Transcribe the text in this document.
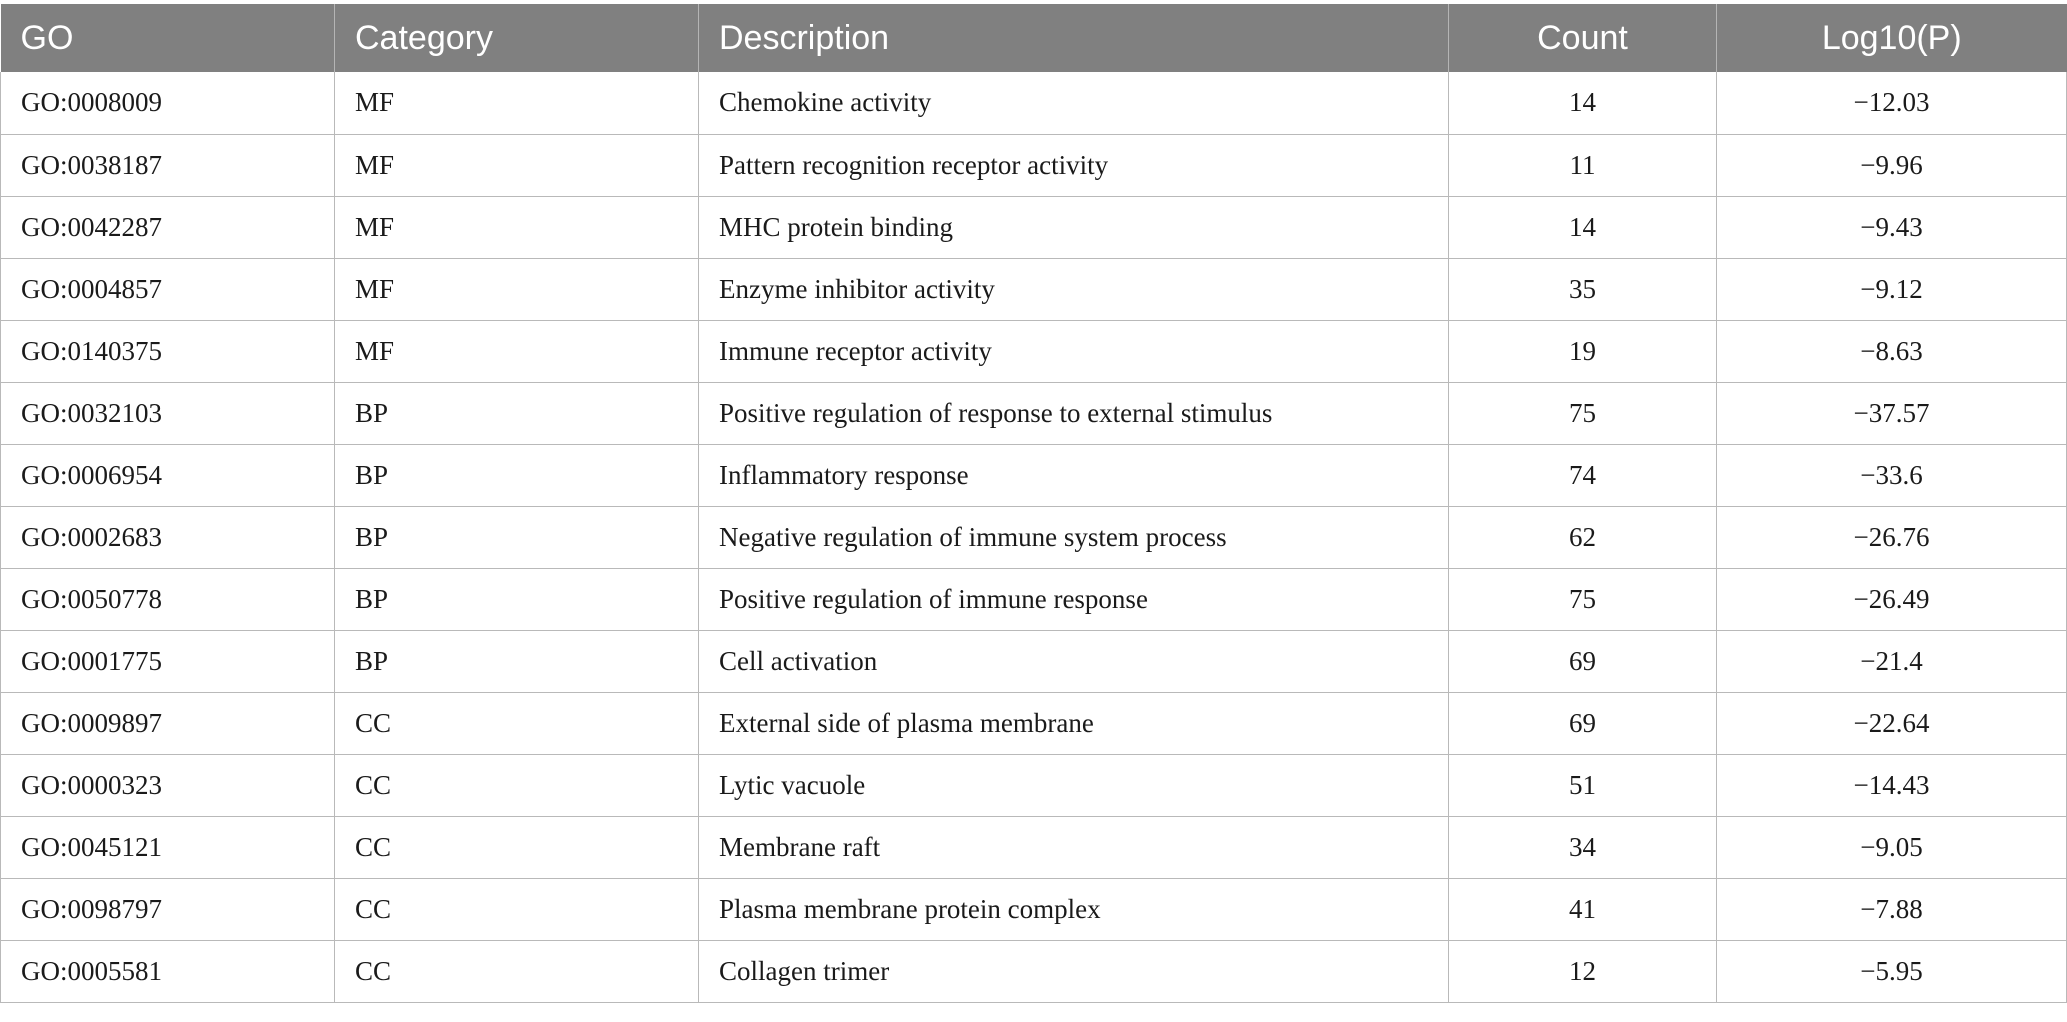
GO	Category	Description	Count	Log10(P)
GO:0008009	MF	Chemokine activity	14	−12.03
GO:0038187	MF	Pattern recognition receptor activity	11	−9.96
GO:0042287	MF	MHC protein binding	14	−9.43
GO:0004857	MF	Enzyme inhibitor activity	35	−9.12
GO:0140375	MF	Immune receptor activity	19	−8.63
GO:0032103	BP	Positive regulation of response to external stimulus	75	−37.57
GO:0006954	BP	Inflammatory response	74	−33.6
GO:0002683	BP	Negative regulation of immune system process	62	−26.76
GO:0050778	BP	Positive regulation of immune response	75	−26.49
GO:0001775	BP	Cell activation	69	−21.4
GO:0009897	CC	External side of plasma membrane	69	−22.64
GO:0000323	CC	Lytic vacuole	51	−14.43
GO:0045121	CC	Membrane raft	34	−9.05
GO:0098797	CC	Plasma membrane protein complex	41	−7.88
GO:0005581	CC	Collagen trimer	12	−5.95
